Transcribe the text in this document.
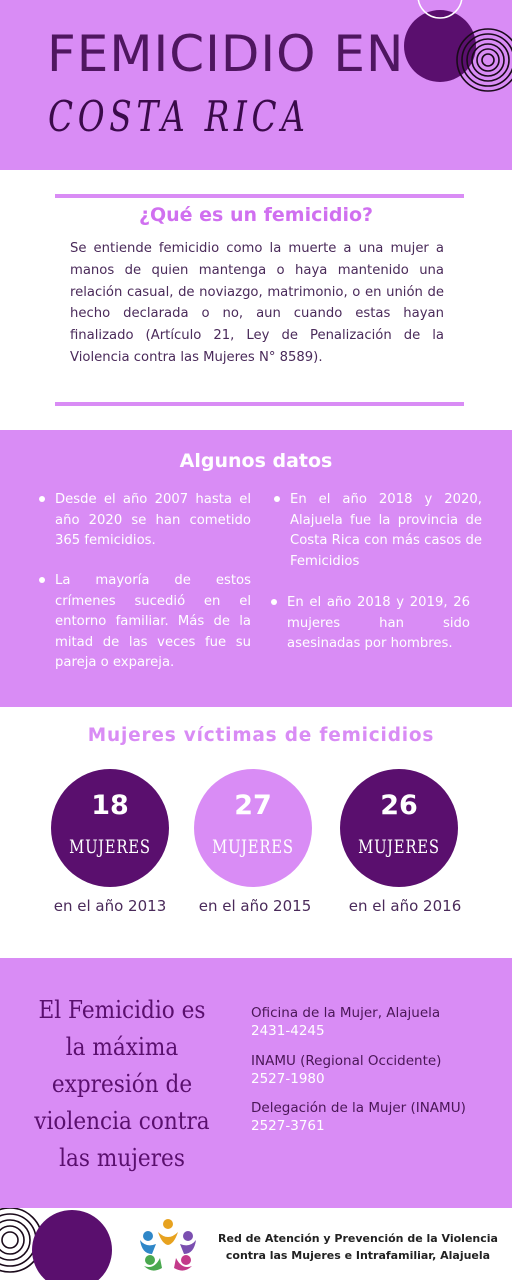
FEMICIDIO EN
COSTA RICA
¿Qué es un femicidio?

Se entiende femicidio como la muerte a una mujer a manos de quien mantenga o haya mantenido una relación casual, de noviazgo, matrimonio, o en unión de hecho declarada o no, aun cuando estas hayan finalizado (Artículo 21, Ley de Penalización de la Violencia contra las Mujeres N° 8589).

Algunos datos

Desde el año 2007 hasta el año 2020 se han cometido 365 femicidios.

La mayoría de estos crímenes sucedió en el entorno familiar. Más de la mitad de las veces fue su pareja o expareja.

En el año 2018 y 2020, Alajuela fue la provincia de Costa Rica con más casos de Femicidios

En el año 2018 y 2019, 26 mujeres han sido asesinadas por hombres.

Mujeres víctimas de femicidios
18
MUJERES
27
MUJERES
26
MUJERES
en el año 2013	en el año 2015	en el año 2016

El Femicidio es la máxima expresión de violencia contra las mujeres

Oficina de la Mujer, Alajuela
2431-4245
INAMU (Regional Occidente)
2527-1980
Delegación de la Mujer (INAMU)
2527-3761

Red de Atención y Prevención de la Violencia contra las Mujeres e Intrafamiliar, Alajuela
